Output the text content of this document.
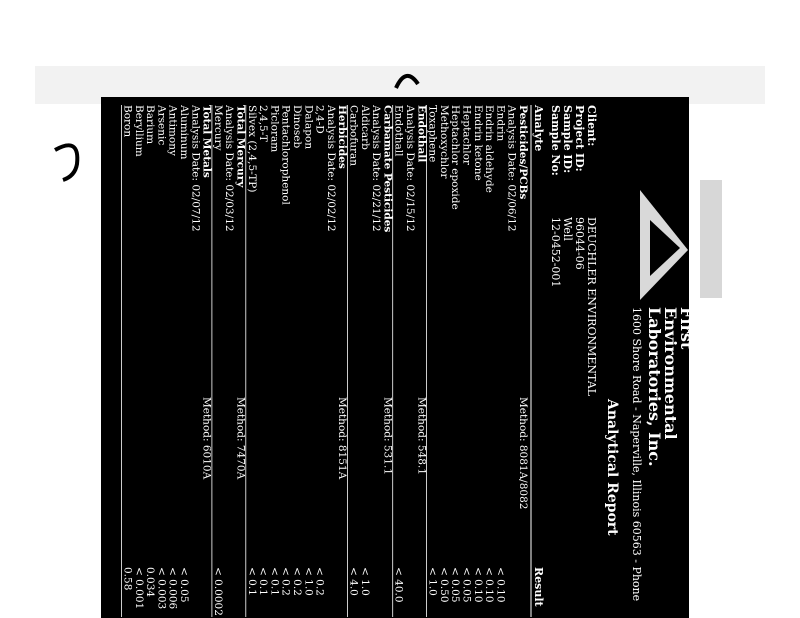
First
Environmental
Laboratories, Inc.
1600 Shore Road - Naperville, Illinois 60563 - Phone
Analytical Report
Client:
DEUCHLER ENVIRONMENTAL
Project ID:
96044-06
Sample ID:
Well
Sample No:
12-0452-001
Analyte
Result
Pesticides/PCBs
Method: 8081A/8082
Analysis Date: 02/06/12
Endrin
< 0.10
Endrin aldehyde
< 0.10
Endrin ketone
< 0.10
Heptachlor
< 0.05
Heptachlor epoxide
< 0.05
Methoxychlor
< 0.50
Toxaphene
< 1.0
Endothall
Method: 548.1
Analysis Date: 02/15/12
Endothall
< 40.0
Carbamate Pesticides
Method: 531.1
Analysis Date: 02/21/12
Aldicarb
< 1.0
Carbofuran
< 4.0
Herbicides
Method: 8151A
Analysis Date: 02/02/12
2,4-D
< 0.2
Dalapon
< 1.0
Dinoseb
< 0.2
Pentachlorophenol
< 0.2
Picloram
< 0.1
2,4,5-T
< 0.1
Silvex (2,4,5-TP)
< 0.1
Total Mercury
Method: 7470A
Analysis Date: 02/03/12
Mercury
< 0.0002
Total Metals
Method: 6010A
Analysis Date: 02/07/12
Aluminum
< 0.05
Antimony
< 0.006
Arsenic
< 0.003
Barium
0.034
Beryllium
< 0.001
Boron
0.58
